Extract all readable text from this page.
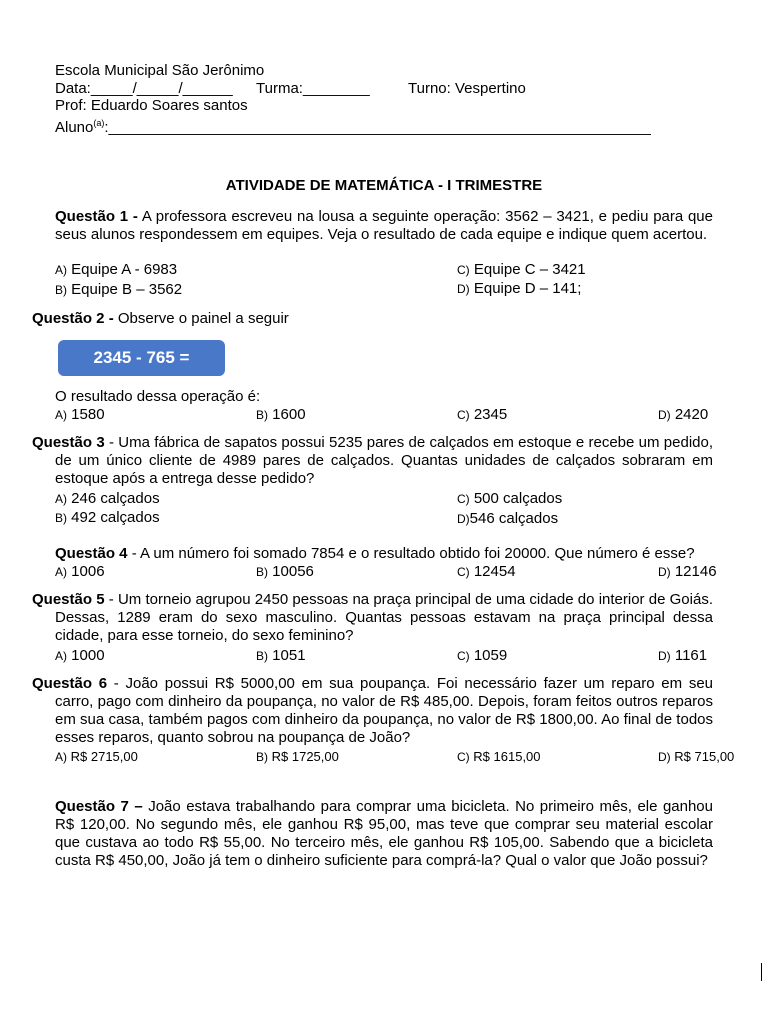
Escola Municipal São Jerônimo
Data:_____/_____/______ Turma:________	Turno: Vespertino
Prof: Eduardo Soares santos
Aluno$^{(a)}$:_________________________________________________________________
ATIVIDADE DE MATEMÁTICA - I TRIMESTRE
Questão 1 - A professora escreveu na lousa a seguinte operação: 3562 – 3421, e pediu para que seus alunos respondessem em equipes. Veja o resultado de cada equipe e indique quem acertou.
A) Equipe A - 6983
B) Equipe B – 3562
C) Equipe C – 3421
D) Equipe D – 141;
Questão 2 - Observe o painel a seguir
2345 - 765 =
O resultado dessa operação é:
A) 1580	B) 1600	C) 2345	D) 2420
Questão 3 - Uma fábrica de sapatos possui 5235 pares de calçados em estoque e recebe um pedido, de um único cliente de 4989 pares de calçados. Quantas unidades de calçados sobraram em estoque após a entrega desse pedido?
A) 246 calçados
B) 492 calçados
C) 500 calçados
D)546 calçados
Questão 4 - A um número foi somado 7854 e o resultado obtido foi 20000. Que número é esse?
A) 1006	B) 10056	C) 12454	D) 12146
Questão 5 - Um torneio agrupou 2450 pessoas na praça principal de uma cidade do interior de Goiás. Dessas, 1289 eram do sexo masculino. Quantas pessoas estavam na praça principal dessa cidade, para esse torneio, do sexo feminino?
A) 1000	B) 1051	C) 1059	D) 1161
Questão 6 - João possui R$ 5000,00 em sua poupança. Foi necessário fazer um reparo em seu carro, pago com dinheiro da poupança, no valor de R$ 485,00. Depois, foram feitos outros reparos em sua casa, também pagos com dinheiro da poupança, no valor de R$ 1800,00. Ao final de todos esses reparos, quanto sobrou na poupança de João?
A) R$ 2715,00	B) R$ 1725,00	C) R$ 1615,00	D) R$ 715,00
Questão 7 – João estava trabalhando para comprar uma bicicleta. No primeiro mês, ele ganhou R$ 120,00. No segundo mês, ele ganhou R$ 95,00, mas teve que comprar seu material escolar que custava ao todo R$ 55,00. No terceiro mês, ele ganhou R$ 105,00. Sabendo que a bicicleta custa R$ 450,00, João já tem o dinheiro suficiente para comprá-la? Qual o valor que João possui?
